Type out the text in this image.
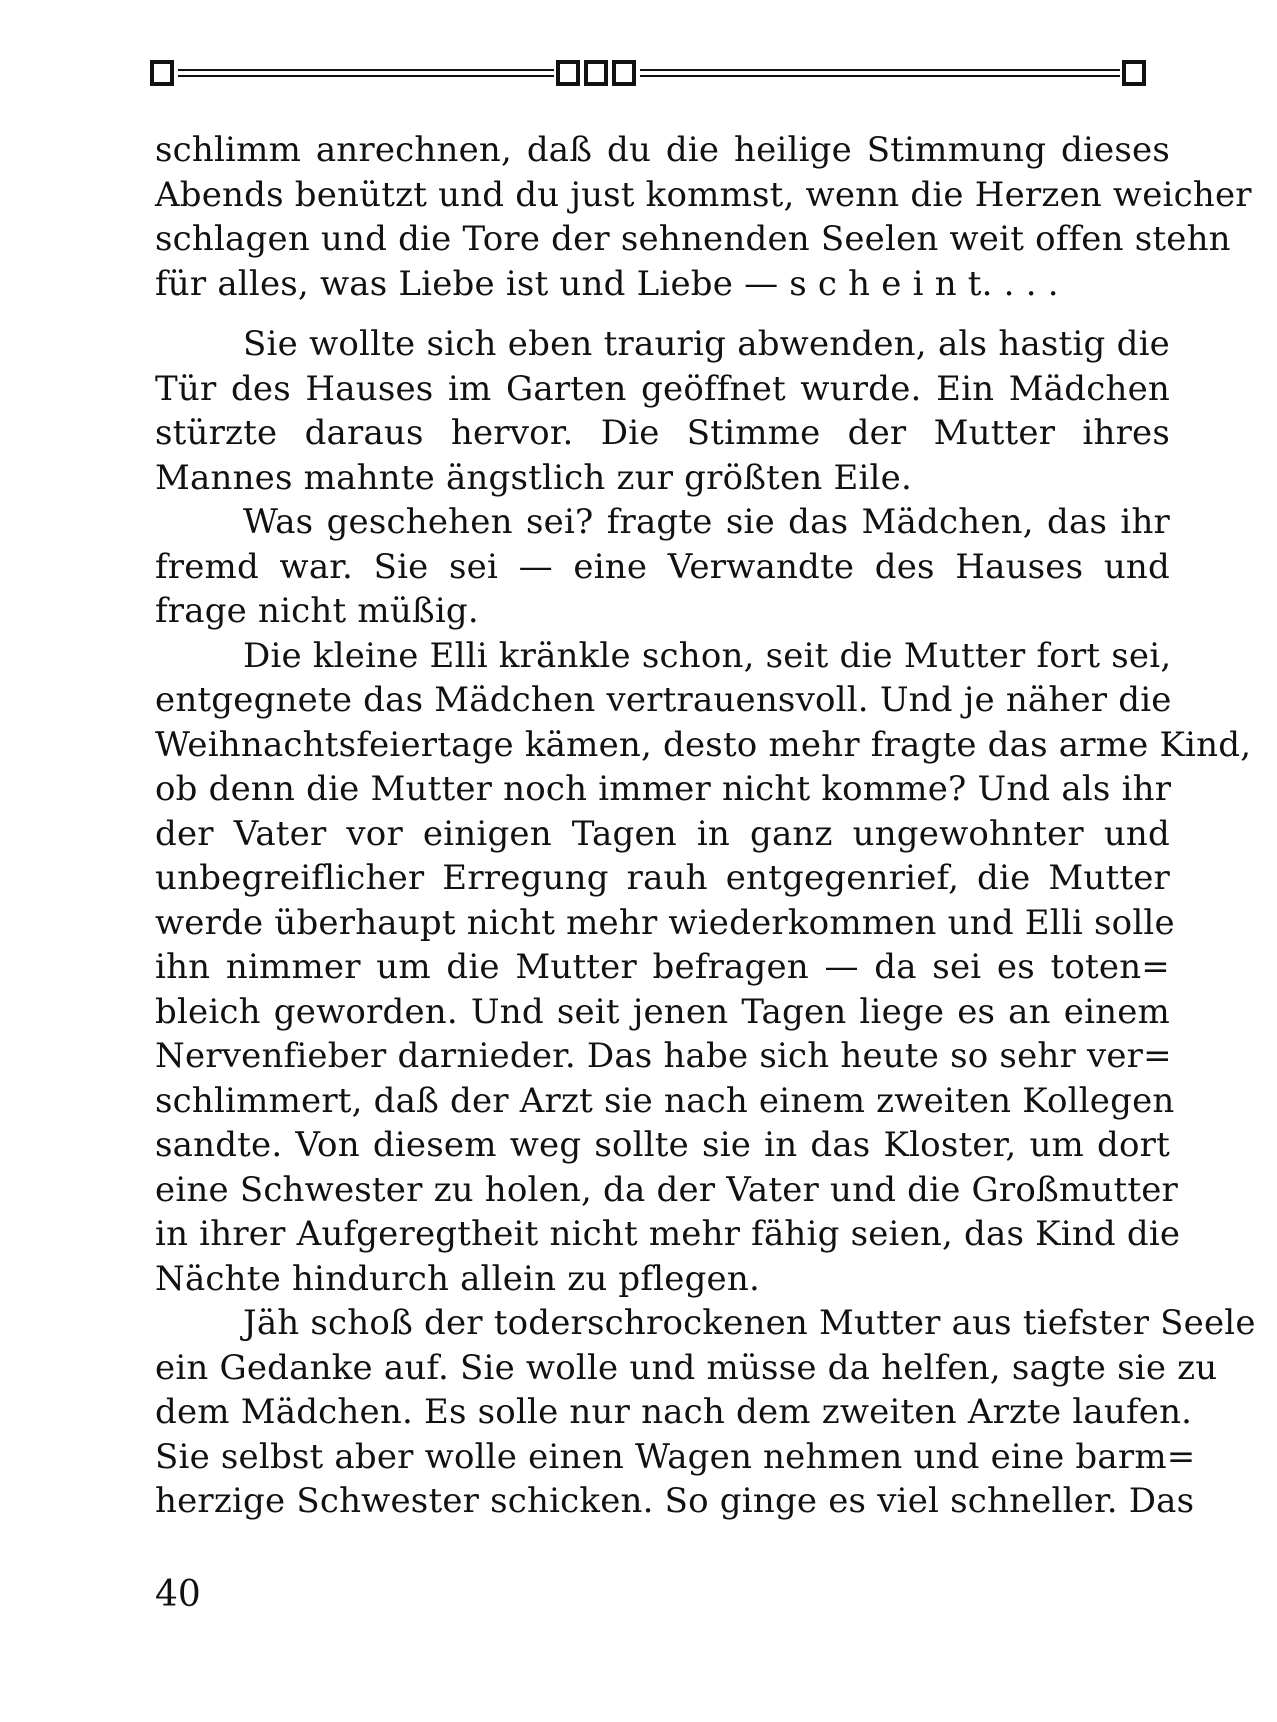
schlimm anrechnen, daß du die heilige Stimmung dieses
Abends benützt und du just kommst, wenn die Herzen weicher
schlagen und die Tore der sehnenden Seelen weit offen stehn
für alles, was Liebe ist und Liebe — s c h e i n t. . . .
Sie wollte sich eben traurig abwenden, als hastig die
Tür des Hauses im Garten geöffnet wurde. Ein Mädchen
stürzte daraus hervor. Die Stimme der Mutter ihres
Mannes mahnte ängstlich zur größten Eile.
Was geschehen sei? fragte sie das Mädchen, das ihr
fremd war. Sie sei — eine Verwandte des Hauses und
frage nicht müßig.
Die kleine Elli kränkle schon, seit die Mutter fort sei,
entgegnete das Mädchen vertrauensvoll. Und je näher die
Weihnachtsfeiertage kämen, desto mehr fragte das arme Kind,
ob denn die Mutter noch immer nicht komme? Und als ihr
der Vater vor einigen Tagen in ganz ungewohnter und
unbegreiflicher Erregung rauh entgegenrief, die Mutter
werde überhaupt nicht mehr wiederkommen und Elli solle
ihn nimmer um die Mutter befragen — da sei es toten=
bleich geworden. Und seit jenen Tagen liege es an einem
Nervenfieber darnieder. Das habe sich heute so sehr ver=
schlimmert, daß der Arzt sie nach einem zweiten Kollegen
sandte. Von diesem weg sollte sie in das Kloster, um dort
eine Schwester zu holen, da der Vater und die Großmutter
in ihrer Aufgeregtheit nicht mehr fähig seien, das Kind die
Nächte hindurch allein zu pflegen.
Jäh schoß der toderschrockenen Mutter aus tiefster Seele
ein Gedanke auf. Sie wolle und müsse da helfen, sagte sie zu
dem Mädchen. Es solle nur nach dem zweiten Arzte laufen.
Sie selbst aber wolle einen Wagen nehmen und eine barm=
herzige Schwester schicken. So ginge es viel schneller. Das
40
